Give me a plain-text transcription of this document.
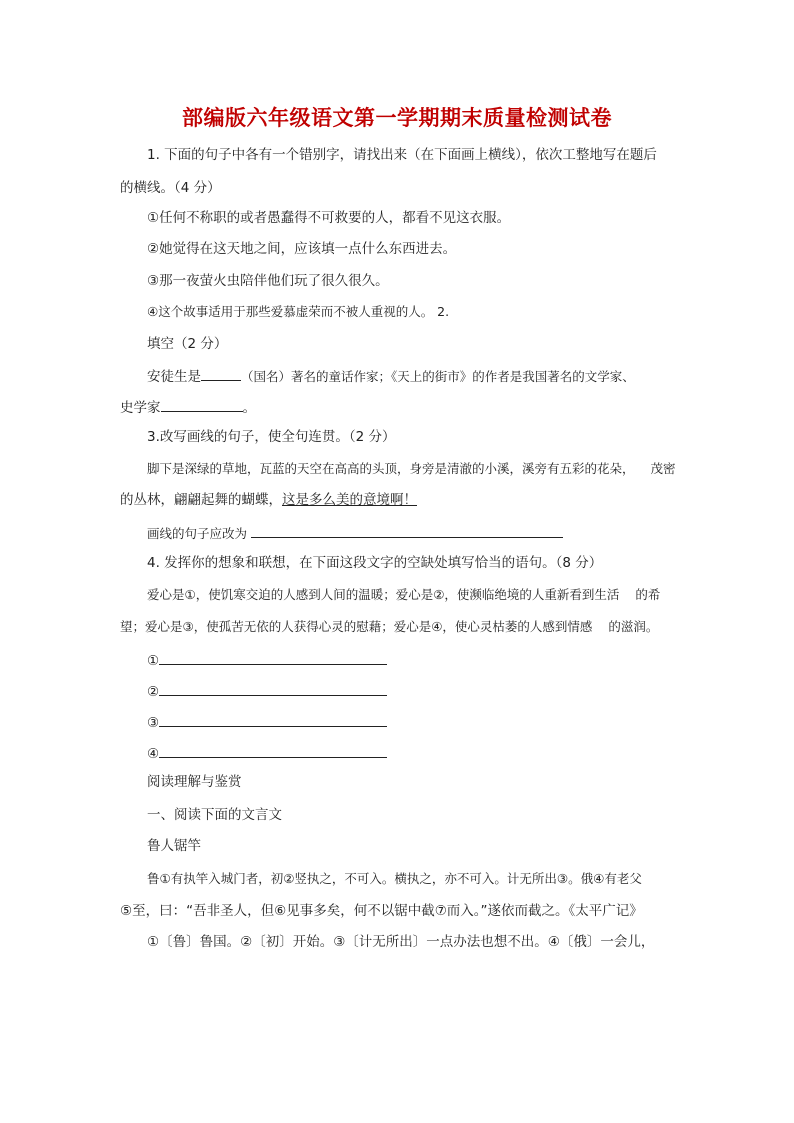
部编版六年级语文第一学期期末质量检测试卷
1. 下面的句子中各有一个错别字，请找出来（在下面画上横线），依次工整地写在题后
的横线。（4 分）
①任何不称职的或者愚蠢得不可救要的人，都看不见这衣服。
②她觉得在这天地之间，应该填一点什么东西进去。
③那一夜萤火虫陪伴他们玩了很久很久。
④这个故事适用于那些爱慕虚荣而不被人重视的人。 2.
填空（2 分）
安徒生是	（国名）著名的童话作家；《天上的街市》的作者是我国著名的文学家、
史学家	。
3.改写画线的句子，使全句连贯。（2 分）
脚下是深绿的草地，瓦蓝的天空在高高的头顶，身旁是清澈的小溪，溪旁有五彩的花朵， 茂密
的丛林，翩翩起舞的蝴蝶，这是多么美的意境啊！
画线的句子应改为
4. 发挥你的想象和联想，在下面这段文字的空缺处填写恰当的语句。（8 分）
爱心是①，使饥寒交迫的人感到人间的温暖；爱心是②，使濒临绝境的人重新看到生活 的希
望；爱心是③，使孤苦无依的人获得心灵的慰藉；爱心是④，使心灵枯萎的人感到情感 的滋润。
①
②
③
④
阅读理解与鉴赏
一、阅读下面的文言文
鲁人锯竿
鲁①有执竿入城门者，初②竖执之，不可入。横执之，亦不可入。计无所出③。俄④有老父
⑤至，曰：“吾非圣人，但⑥见事多矣，何不以锯中截⑦而入。”遂依而截之。《太平广记》
①〔鲁〕鲁国。②〔初〕开始。③〔计无所出〕一点办法也想不出。④〔俄〕一会儿，
